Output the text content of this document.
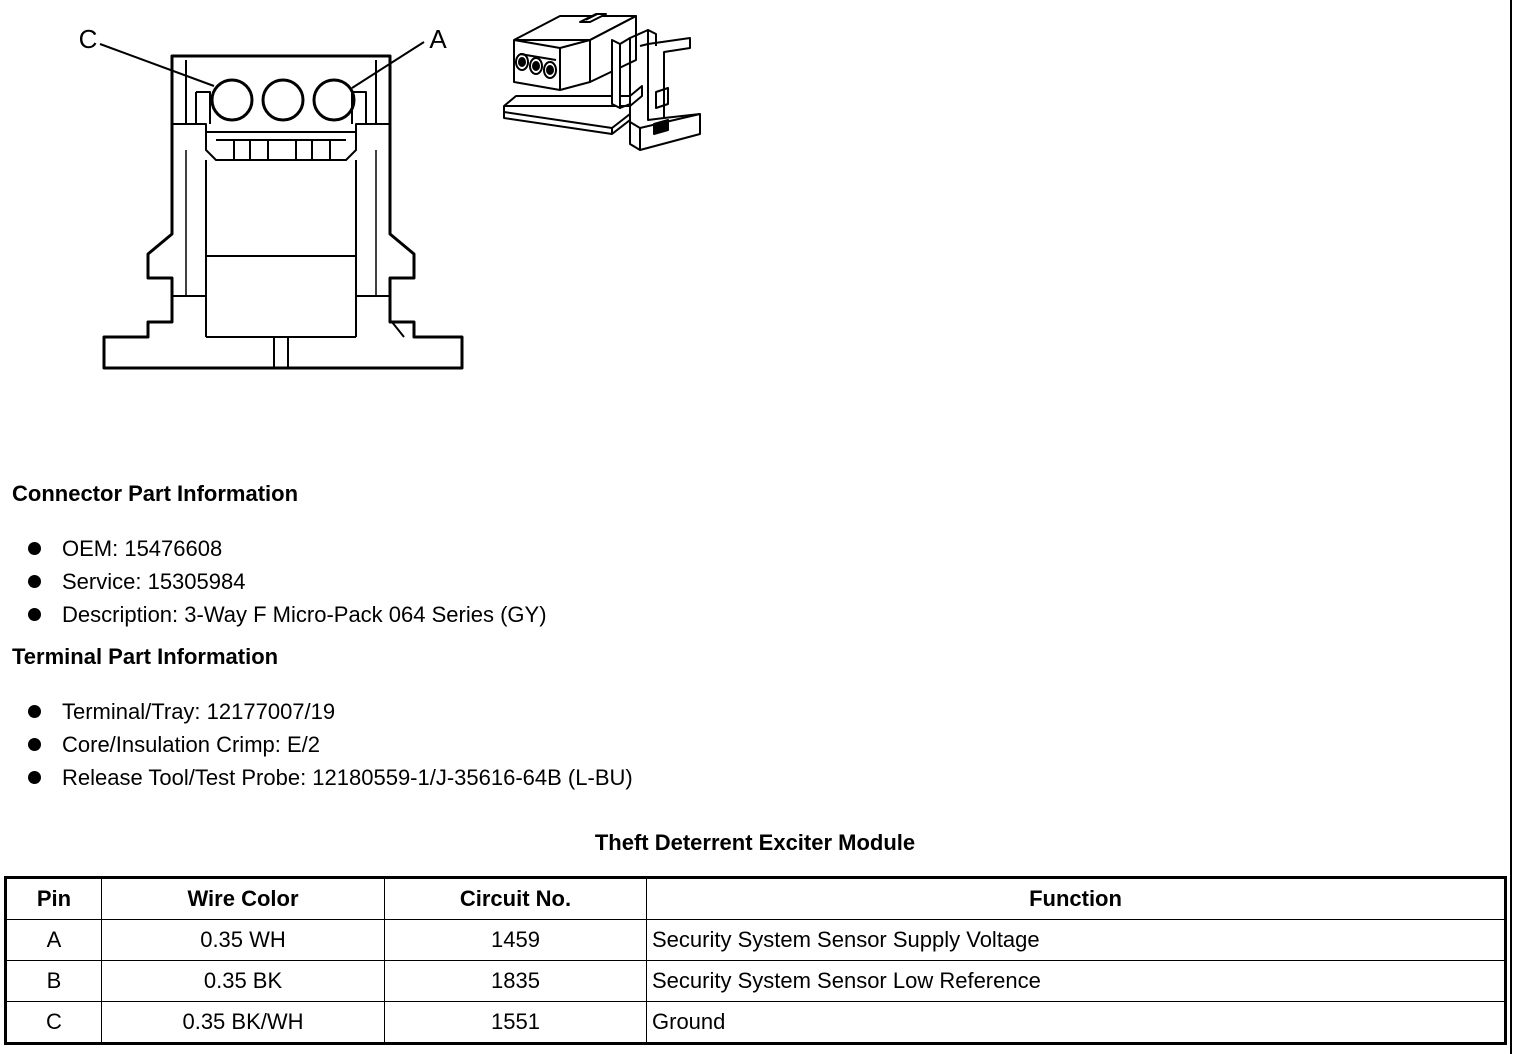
C	A
Connector Part Information
OEM: 15476608
Service: 15305984
Description: 3-Way F Micro-Pack 064 Series (GY)
Terminal Part Information
Terminal/Tray: 12177007/19
Core/Insulation Crimp: E/2
Release Tool/Test Probe: 12180559-1/J-35616-64B (L-BU)
Theft Deterrent Exciter Module
Pin	Wire Color	Circuit No.	Function
A	0.35 WH	1459	Security System Sensor Supply Voltage
B	0.35 BK	1835	Security System Sensor Low Reference
C	0.35 BK/WH	1551	Ground
